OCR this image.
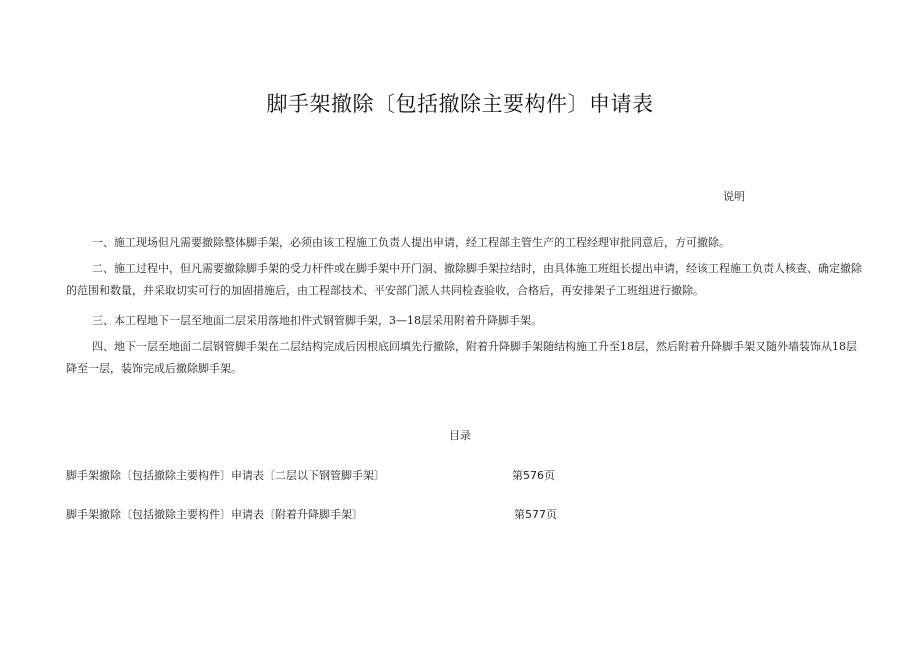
脚手架撤除〔包括撤除主要构件〕申请表
说明

一、施工现场但凡需要撤除整体脚手架，必须由该工程施工负责人提出申请，经工程部主管生产的工程经理审批同意后，方可撤除。

二、施工过程中，但凡需要撤除脚手架的受力杆件或在脚手架中开门洞、撤除脚手架拉结时，由具体施工班组长提出申请，经该工程施工负责人核查、确定撤除的范围和数量，并采取切实可行的加固措施后，由工程部技术、平安部门派人共同检查验收，合格后，再安排架子工班组进行撤除。

三、本工程地下一层至地面二层采用落地扣件式钢管脚手架，3—18层采用附着升降脚手架。

四、地下一层至地面二层钢管脚手架在二层结构完成后因根底回填先行撤除，附着升降脚手架随结构施工升至18层，然后附着升降脚手架又随外墙装饰从18层降至一层，装饰完成后撤除脚手架。

目录
脚手架撤除〔包括撤除主要构件〕申请表〔二层以下钢管脚手架〕	第576页
脚手架撤除〔包括撤除主要构件〕申请表〔附着升降脚手架〕	第577页
